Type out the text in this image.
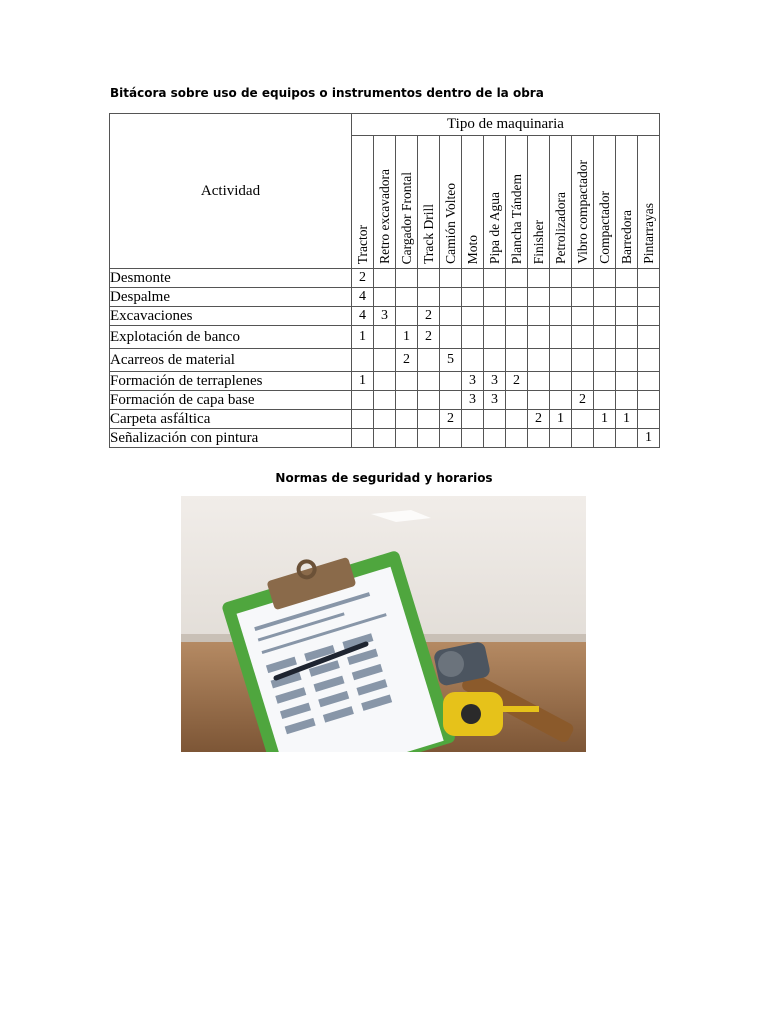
Bitácora sobre uso de equipos o instrumentos dentro de la obra
Actividad	Tipo de maquinaria													

	Tractor	Retro excavadora	Cargador Frontal	Track Drill	Camión Volteo	Moto	Pipa de Agua	Plancha Tándem	Finisher	Petrolizadora	Vibro compactador	Compactador	Barredora	Pintarrayas

Desmonte	2													
Despalme	4													
Excavaciones	4	3		2										
Explotación de banco	1		1	2										
Acarreos de material			2		5									
Formación de terraplenes	1					3	3	2						
Formación de capa base						3	3				2			
Carpeta asfáltica					2				2	1		1	1	
Señalización con pintura														1
Normas de seguridad y horarios
